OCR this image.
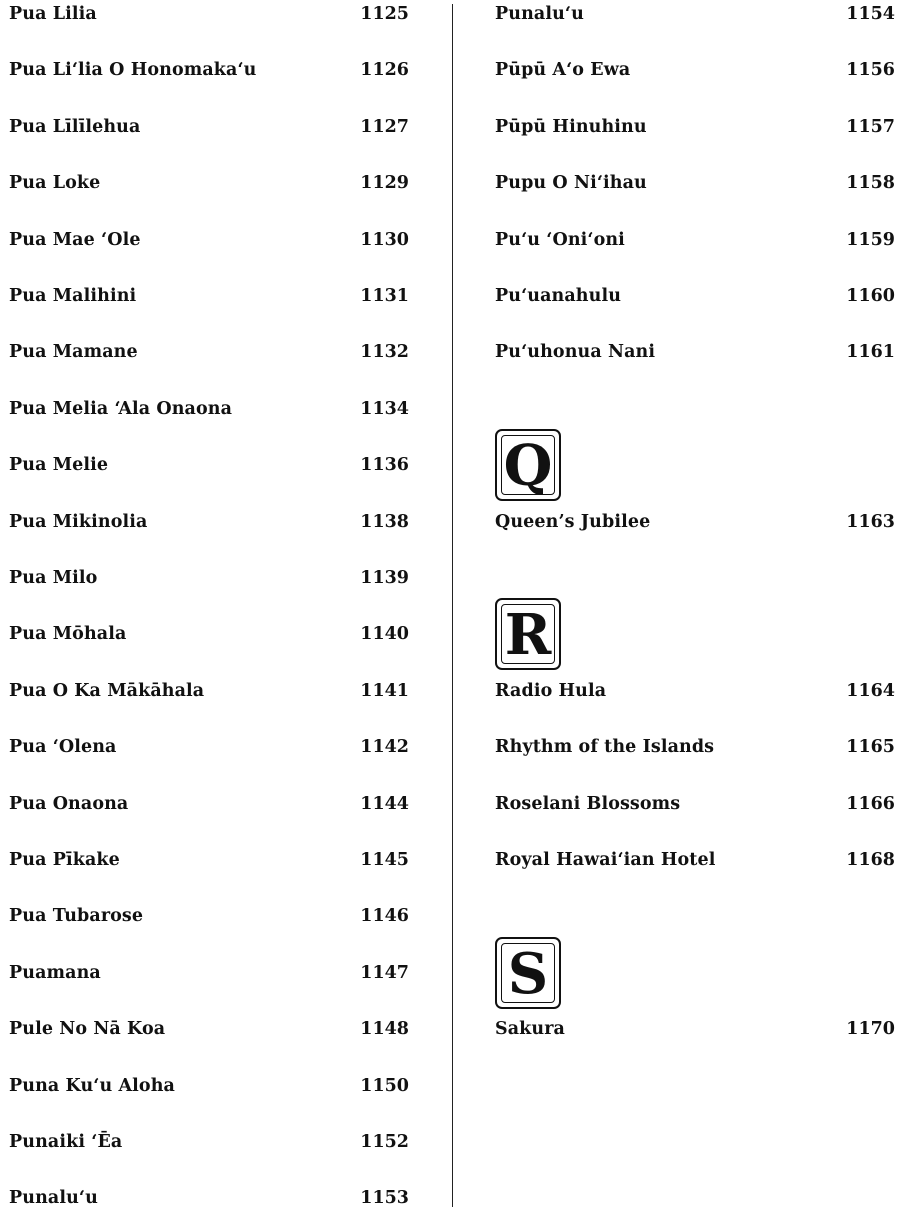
Pua Lilia	1125
Pua Li‘lia O Honomaka‘u	1126
Pua Līlīlehua	1127
Pua Loke	1129
Pua Mae ‘Ole	1130
Pua Malihini	1131
Pua Mamane	1132
Pua Melia ‘Ala Onaona	1134
Pua Melie	1136
Pua Mikinolia	1138
Pua Milo	1139
Pua Mōhala	1140
Pua O Ka Mākāhala	1141
Pua ‘Olena	1142
Pua Onaona	1144
Pua Pīkake	1145
Pua Tubarose	1146
Puamana	1147
Pule No Nā Koa	1148
Puna Ku‘u Aloha	1150
Punaiki ‘Ēa	1152
Punalu‘u	1153
Punalu‘u	1154
Pūpū A‘o Ewa	1156
Pūpū Hinuhinu	1157
Pupu O Ni‘ihau	1158
Pu‘u ‘Oni‘oni	1159
Pu‘uanahulu	1160
Pu‘uhonua Nani	1161
Q
Queen’s Jubilee	1163
R
Radio Hula	1164
Rhythm of the Islands	1165
Roselani Blossoms	1166
Royal Hawai‘ian Hotel	1168
S
Sakura	1170
